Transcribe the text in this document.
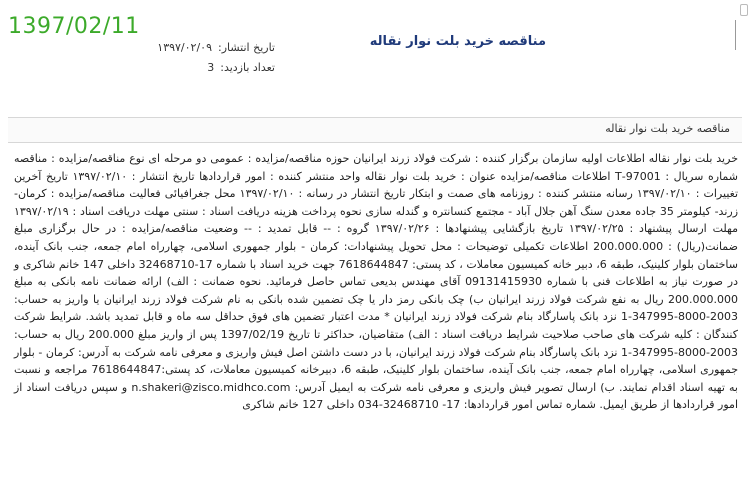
1397/02/11
مناقصه خرید بلت نوار نقاله
تاریخ انتشار:
۱۳۹۷/۰۲/۰۹
تعداد بازدید:
3
مناقصه خرید بلت نوار نقاله
خرید بلت نوار نقاله اطلاعات اولیه سازمان برگزار کننده : شرکت فولاد زرند ایرانیان حوزه مناقصه/مزایده : عمومی دو مرحله ای نوع مناقصه/مزایده : مناقصه شماره سریال : 97001-T اطلاعات مناقصه/مزایده عنوان : خرید بلت نوار نقاله واحد منتشر کننده : امور قراردادها تاریخ انتشار : ۱۳۹۷/۰۲/۱۰ تاریخ آخرین تغییرات : ۱۳۹۷/۰۲/۱۰ رسانه منتشر کننده : روزنامه های صمت و ابتکار تاریخ انتشار در رسانه : ۱۳۹۷/۰۲/۱۰ محل جغرافیائی فعالیت مناقصه/مزایده : کرمان- زرند- کیلومتر 35 جاده معدن سنگ آهن جلال آباد - مجتمع کنسانتره و گندله سازی نحوه پرداخت هزینه دریافت اسناد : سنتی مهلت دریافت اسناد : ۱۳۹۷/۰۲/۱۹ مهلت ارسال پیشنهاد : ۱۳۹۷/۰۲/۲۵ تاریخ بازگشایی پیشنهادها : ۱۳۹۷/۰۲/۲۶ گروه : -- قابل تمدید : -- وضعیت مناقصه/مزایده : در حال برگزاری مبلغ ضمانت(ریال) : 200.000.000 اطلاعات تکمیلی توضیحات : محل تحویل پیشنهادات: کرمان - بلوار جمهوری اسلامی، چهارراه امام جمعه، جنب بانک آینده، ساختمان بلوار کلینیک، طبقه 6، دبیر خانه کمیسیون معاملات ، کد پستی: 7618644847 جهت خرید اسناد با شماره 17-32468710 داخلی 147 خانم شاکری و در صورت نیاز به اطلاعات فنی با شماره 09131415930 آقای مهندس بدیعی تماس حاصل فرمائید. نحوه ضمانت : الف) ارائه ضمانت نامه بانکی به مبلغ 200.000.000 ریال به نفع شرکت فولاد زرند ایرانیان ب) چک بانکی رمز دار یا چک تضمین شده بانکی به نام شرکت فولاد زرند ایرانیان یا واریز به حساب: 2003-8000-347995-1 نزد بانک پاسارگاد بنام شرکت فولاد زرند ایرانیان * مدت اعتبار تضمین های فوق حداقل سه ماه و قابل تمدید باشد. شرایط شرکت کنندگان : کلیه شرکت های صاحب صلاحیت شرایط دریافت اسناد : الف) متقاضیان، حداکثر تا تاریخ 1397/02/19 پس از واریز مبلغ 200.000 ریال به حساب: 2003-8000-347995-1 نزد بانک پاسارگاد بنام شرکت فولاد زرند ایرانیان، با در دست داشتن اصل فیش واریزی و معرفی نامه شرکت به آدرس: کرمان - بلوار جمهوری اسلامی، چهارراه امام جمعه، جنب بانک آینده، ساختمان بلوار کلینیک، طبقه 6، دبیرخانه کمیسیون معاملات، کد پستی:7618644847 مراجعه و نسبت به تهیه اسناد اقدام نمایند. ب) ارسال تصویر فیش واریزی و معرفی نامه شرکت به ایمیل آدرس: n.shakeri@zisco.midhco.com و سپس دریافت اسناد از امور قراردادها از طریق ایمیل. شماره تماس امور قراردادها: 17- 32468710-034 داخلی 127 خانم شاکری
